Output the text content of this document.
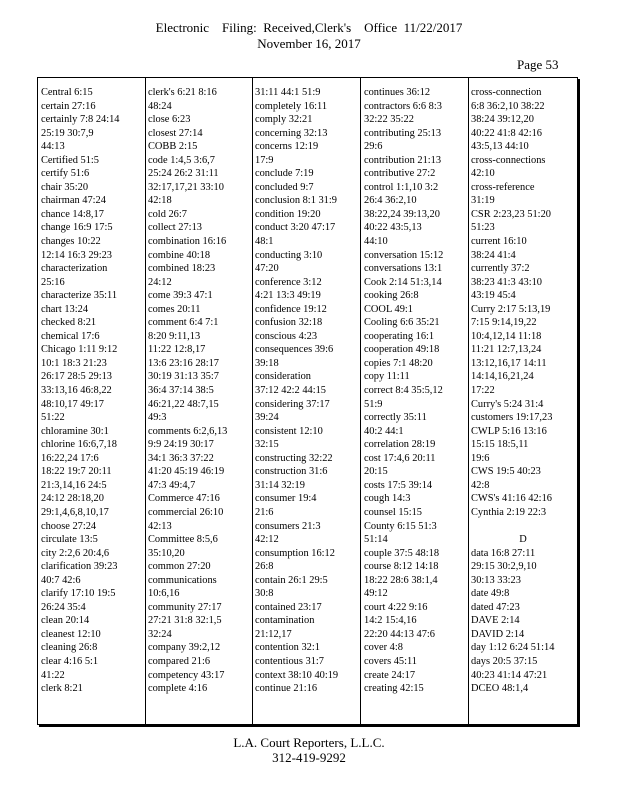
Electronic    Filing:  Received,Clerk's    Office  11/22/2017
November 16, 2017
Page 53
Central 6:15
certain 27:16
certainly 7:8 24:14
25:19 30:7,9
44:13
Certified 51:5
certify 51:6
chair 35:20
chairman 47:24
chance 14:8,17
change 16:9 17:5
changes 10:22
12:14 16:3 29:23
characterization
25:16
characterize 35:11
chart 13:24
checked 8:21
chemical 17:6
Chicago 1:11 9:12
10:1 18:3 21:23
26:17 28:5 29:13
33:13,16 46:8,22
48:10,17 49:17
51:22
chloramine 30:1
chlorine 16:6,7,18
16:22,24 17:6
18:22 19:7 20:11
21:3,14,16 24:5
24:12 28:18,20
29:1,4,6,8,10,17
choose 27:24
circulate 13:5
city 2:2,6 20:4,6
clarification 39:23
40:7 42:6
clarify 17:10 19:5
26:24 35:4
clean 20:14
cleanest 12:10
cleaning 26:8
clear 4:16 5:1
41:22
clerk 8:21
clerk's 6:21 8:16
48:24
close 6:23
closest 27:14
COBB 2:15
code 1:4,5 3:6,7
25:24 26:2 31:11
32:17,17,21 33:10
42:18
cold 26:7
collect 27:13
combination 16:16
combine 40:18
combined 18:23
24:12
come 39:3 47:1
comes 20:11
comment 6:4 7:1
8:20 9:11,13
11:22 12:8,17
13:6 23:16 28:17
30:19 31:13 35:7
36:4 37:14 38:5
46:21,22 48:7,15
49:3
comments 6:2,6,13
9:9 24:19 30:17
34:1 36:3 37:22
41:20 45:19 46:19
47:3 49:4,7
Commerce 47:16
commercial 26:10
42:13
Committee 8:5,6
35:10,20
common 27:20
communications
10:6,16
community 27:17
27:21 31:8 32:1,5
32:24
company 39:2,12
compared 21:6
competency 43:17
complete 4:16
31:11 44:1 51:9
completely 16:11
comply 32:21
concerning 32:13
concerns 12:19
17:9
conclude 7:19
concluded 9:7
conclusion 8:1 31:9
condition 19:20
conduct 3:20 47:17
48:1
conducting 3:10
47:20
conference 3:12
4:21 13:3 49:19
confidence 19:12
confusion 32:18
conscious 4:23
consequences 39:6
39:18
consideration
37:12 42:2 44:15
considering 37:17
39:24
consistent 12:10
32:15
constructing 32:22
construction 31:6
31:14 32:19
consumer 19:4
21:6
consumers 21:3
42:12
consumption 16:12
26:8
contain 26:1 29:5
30:8
contained 23:17
contamination
21:12,17
contention 32:1
contentious 31:7
context 38:10 40:19
continue 21:16
continues 36:12
contractors 6:6 8:3
32:22 35:22
contributing 25:13
29:6
contribution 21:13
contributive 27:2
control 1:1,10 3:2
26:4 36:2,10
38:22,24 39:13,20
40:22 43:5,13
44:10
conversation 15:12
conversations 13:1
Cook 2:14 51:3,14
cooking 26:8
COOL 49:1
Cooling 6:6 35:21
cooperating 16:1
cooperation 49:18
copies 7:1 48:20
copy 11:11
correct 8:4 35:5,12
51:9
correctly 35:11
40:2 44:1
correlation 28:19
cost 17:4,6 20:11
20:15
costs 17:5 39:14
cough 14:3
counsel 15:15
County 6:15 51:3
51:14
couple 37:5 48:18
course 8:12 14:18
18:22 28:6 38:1,4
49:12
court 4:22 9:16
14:2 15:4,16
22:20 44:13 47:6
cover 4:8
covers 45:11
create 24:17
creating 42:15
cross-connection
6:8 36:2,10 38:22
38:24 39:12,20
40:22 41:8 42:16
43:5,13 44:10
cross-connections
42:10
cross-reference
31:19
CSR 2:23,23 51:20
51:23
current 16:10
38:24 41:4
currently 37:2
38:23 41:3 43:10
43:19 45:4
Curry 2:17 5:13,19
7:15 9:14,19,22
10:4,12,14 11:18
11:21 12:7,13,24
13:12,16,17 14:11
14:14,16,21,24
17:22
Curry's 5:24 31:4
customers 19:17,23
CWLP 5:16 13:16
15:15 18:5,11
19:6
CWS 19:5 40:23
42:8
CWS's 41:16 42:16
Cynthia 2:19 22:3
D
data 16:8 27:11
29:15 30:2,9,10
30:13 33:23
date 49:8
dated 47:23
DAVE 2:14
DAVID 2:14
day 1:12 6:24 51:14
days 20:5 37:15
40:23 41:14 47:21
DCEO 48:1,4
L.A. Court Reporters, L.L.C.
312-419-9292
